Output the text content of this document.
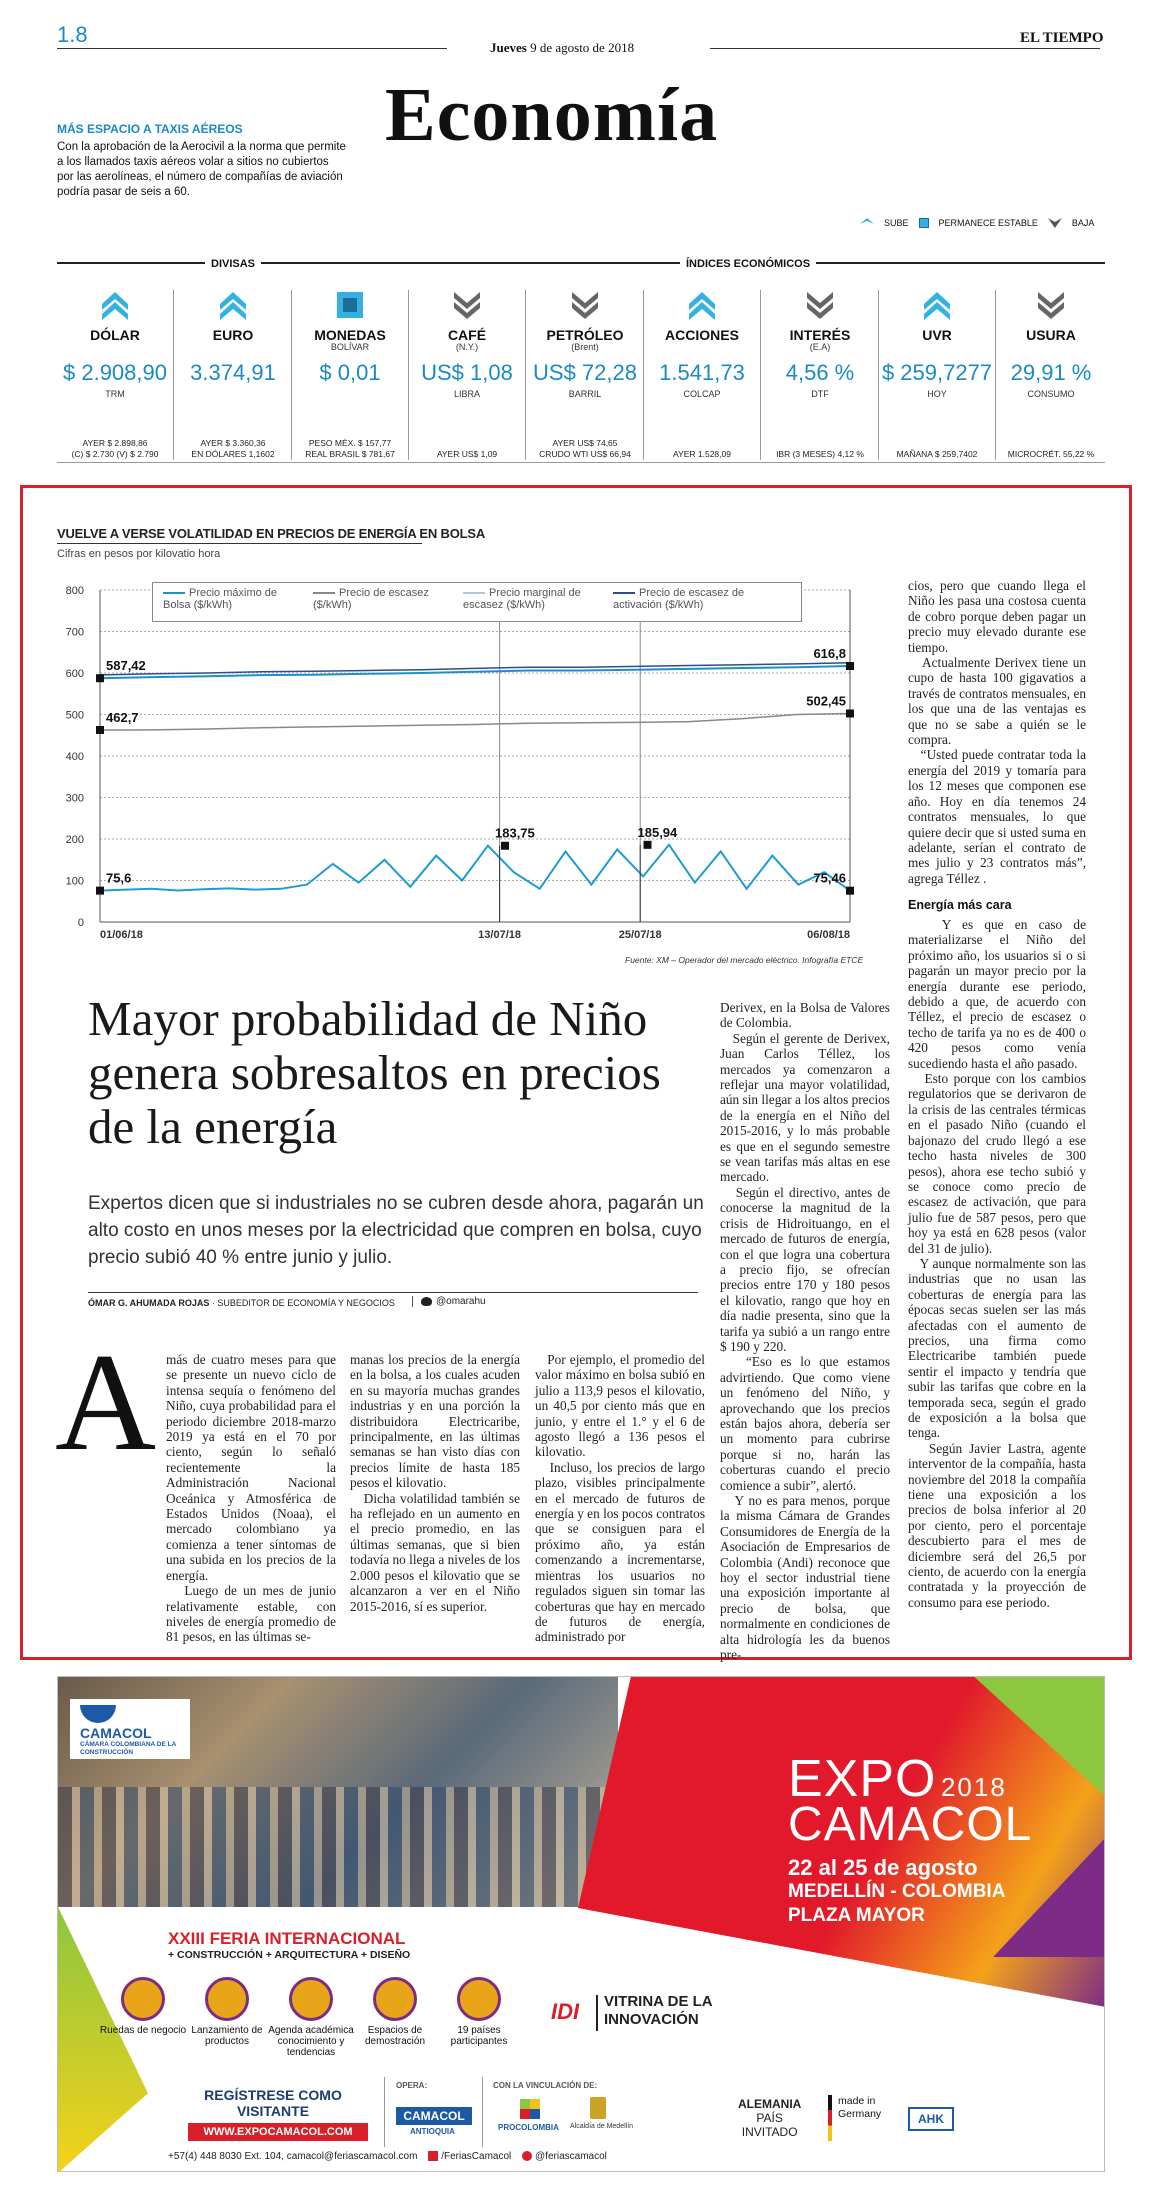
1.8
Jueves 9 de agosto de 2018
EL TIEMPO
Economía
MÁS ESPACIO A TAXIS AÉREOS
Con la aprobación de la Aerocivil a la norma que permite a los llamados taxis aéreos volar a sitios no cubiertos por las aerolíneas, el número de compañías de aviación podría pasar de seis a 60.
SUBE	PERMANECE ESTABLE	BAJA
DIVISAS	ÍNDICES ECONÓMICOS
DÓLAR
$ 2.908,90
TRM
AYER $ 2.898,86
(C) $ 2.730 (V) $ 2.790
EURO
3.374,91
AYER $ 3.360,36
EN DÓLARES 1,1602
MONEDAS
BOLÍVAR
$ 0,01
PESO MÉX. $ 157,77
REAL BRASIL $ 781,67
CAFÉ
(N.Y.)
US$ 1,08
LIBRA
AYER US$ 1,09
PETRÓLEO
(Brent)
US$ 72,28
BARRIL
AYER US$ 74,65
CRUDO WTI US$ 66,94
ACCIONES
1.541,73
COLCAP
AYER 1.528,09
INTERÉS
(E.A)
4,56 %
DTF
IBR (3 MESES) 4,12 %
UVR
$ 259,7277
HOY
MAÑANA $ 259,7402
USURA
29,91 %
CONSUMO
MICROCRÉT. 55,22 %
VUELVE A VERSE VOLATILIDAD EN PRECIOS DE ENERGÍA EN BOLSA
Cifras en pesos por kilovatio hora
0
100
200
300
400
500
600
700
800
01/06/18	13/07/18	25/07/18	06/08/18
587,42
462,7
75,6
183,75	185,94
616,8
502,45
75,46
Precio máximo de Bolsa ($/kWh)Precio de escasez ($/kWh)Precio marginal de escasez ($/kWh)Precio de escasez de activación ($/kWh)
Fuente: XM – Operador del mercado eléctrico. Infografía ETCE
Mayor probabilidad de Niño genera sobresaltos en precios de la energía
Expertos dicen que si industriales no se cubren desde ahora, pagarán un alto costo en unos meses por la electricidad que compren en bolsa, cuyo precio subió 40 % entre junio y julio.
ÓMAR G. AHUMADA ROJAS · SUBEDITOR DE ECONOMÍA Y NEGOCIOS	@omarahu
A más de cuatro meses para que se presente un nuevo ciclo de intensa sequía o fenómeno del Niño, cuya probabilidad para el periodo diciembre 2018-marzo 2019 ya está en el 70 por ciento, según lo señaló recientemente la Administración Nacional Oceánica y Atmosférica de Estados Unidos (Noaa), el mercado colombiano ya comienza a tener síntomas de una subida en los precios de la energía.
Luego de un mes de junio relativamente estable, con niveles de energía promedio de 81 pesos, en las últimas se-
manas los precios de la energía en la bolsa, a los cuales acuden en su mayoría muchas grandes industrias y en una porción la distribuidora Electricaribe, principalmente, en las últimas semanas se han visto días con precios límite de hasta 185 pesos el kilovatio.
Dicha volatilidad también se ha reflejado en un aumento en el precio promedio, en las últimas semanas, que si bien todavía no llega a niveles de los 2.000 pesos el kilovatio que se alcanzaron a ver en el Niño 2015-2016, sí es superior.
Por ejemplo, el promedio del valor máximo en bolsa subió en julio a 113,9 pesos el kilovatio, un 40,5 por ciento más que en junio, y entre el 1.° y el 6 de agosto llegó a 136 pesos el kilovatio.
Incluso, los precios de largo plazo, visibles principalmente en el mercado de futuros de energía y en los pocos contratos que se consiguen para el próximo año, ya están comenzando a incrementarse, mientras los usuarios no regulados siguen sin tomar las coberturas que hay en mercado de futuros de energía, administrado por
Derivex, en la Bolsa de Valores de Colombia.
Según el gerente de Derivex, Juan Carlos Téllez, los mercados ya comenzaron a reflejar una mayor volatilidad, aún sin llegar a los altos precios de la energía en el Niño del 2015-2016, y lo más probable es que en el segundo semestre se vean tarifas más altas en ese mercado.
Según el directivo, antes de conocerse la magnitud de la crisis de Hidroituango, en el mercado de futuros de energía, con el que logra una cobertura a precio fijo, se ofrecían precios entre 170 y 180 pesos el kilovatio, rango que hoy en día nadie presenta, sino que la tarifa ya subió a un rango entre $ 190 y 220.
“Eso es lo que estamos advirtiendo. Que como viene un fenómeno del Niño, y aprovechando que los precios están bajos ahora, debería ser un momento para cubrirse porque si no, harán las coberturas cuando el precio comience a subir”, alertó.
Y no es para menos, porque la misma Cámara de Grandes Consumidores de Energía de la Asociación de Empresarios de Colombia (Andi) reconoce que hoy el sector industrial tiene una exposición importante al precio de bolsa, que normalmente en condiciones de alta hidrología les da buenos pre-
cios, pero que cuando llega el Niño les pasa una costosa cuenta de cobro porque deben pagar un precio muy elevado durante ese tiempo.
Actualmente Derivex tiene un cupo de hasta 100 gigavatios a través de contratos mensuales, en los que una de las ventajas es que no se sabe a quién se le compra.
“Usted puede contratar toda la energía del 2019 y tomaría para los 12 meses que componen ese año. Hoy en día tenemos 24 contratos mensuales, lo que quiere decir que si usted suma en adelante, serían el contrato de mes julio y 23 contratos más”, agrega Téllez .
Energía más cara
Y es que en caso de materializarse el Niño del próximo año, los usuarios si o si pagarán un mayor precio por la energía durante ese periodo, debido a que, de acuerdo con Téllez, el precio de escasez o techo de tarifa ya no es de 400 o 420 pesos como venía sucediendo hasta el año pasado.
Esto porque con los cambios regulatorios que se derivaron de la crisis de las centrales térmicas en el pasado Niño (cuando el bajonazo del crudo llegó a ese techo hasta niveles de 300 pesos), ahora ese techo subió y se conoce como precio de escasez de activación, que para julio fue de 587 pesos, pero que hoy ya está en 628 pesos (valor del 31 de julio).
Y aunque normalmente son las industrias que no usan las coberturas de energía para las épocas secas suelen ser las más afectadas con el aumento de precios, una firma como Electricaribe también puede sentir el impacto y tendría que subir las tarifas que cobre en la temporada seca, según el grado de exposición a la bolsa que tenga.
Según Javier Lastra, agente interventor de la compañía, hasta noviembre del 2018 la compañía tiene una exposición a los precios de bolsa inferior al 20 por ciento, pero el porcentaje descubierto para el mes de diciembre será del 26,5 por ciento, de acuerdo con la energía contratada y la proyección de consumo para ese periodo.
CAMACOL
CÁMARA COLOMBIANA DE LA CONSTRUCCIÓN	EXPO 2018
CAMACOL
22 al 25 de agosto
MEDELLÍN - COLOMBIA
PLAZA MAYOR
XXIII FERIA INTERNACIONAL
+ CONSTRUCCIÓN + ARQUITECTURA + DISEÑO
Ruedas de negocio Lanzamiento de productos
Agenda académica conocimiento y tendencias
Espacios de demostración
19 países participantes
IDI VITRINA DE LA INNOVACIÓN
REGÍSTRESE COMO VISITANTE
WWW.EXPOCAMACOL.COM
+57(4) 448 8030 Ext. 104, camacol@feriascamacol.com /FeriasCamacol @feriascamacol
OPERA:
CAMACOL
ANTIOQUIA
CON LA VINCULACIÓN DE:
PROCOLOMBIA Alcaldía de Medellín
ALEMANIA
PAÍS
INVITADO
made in Germany	AHK
